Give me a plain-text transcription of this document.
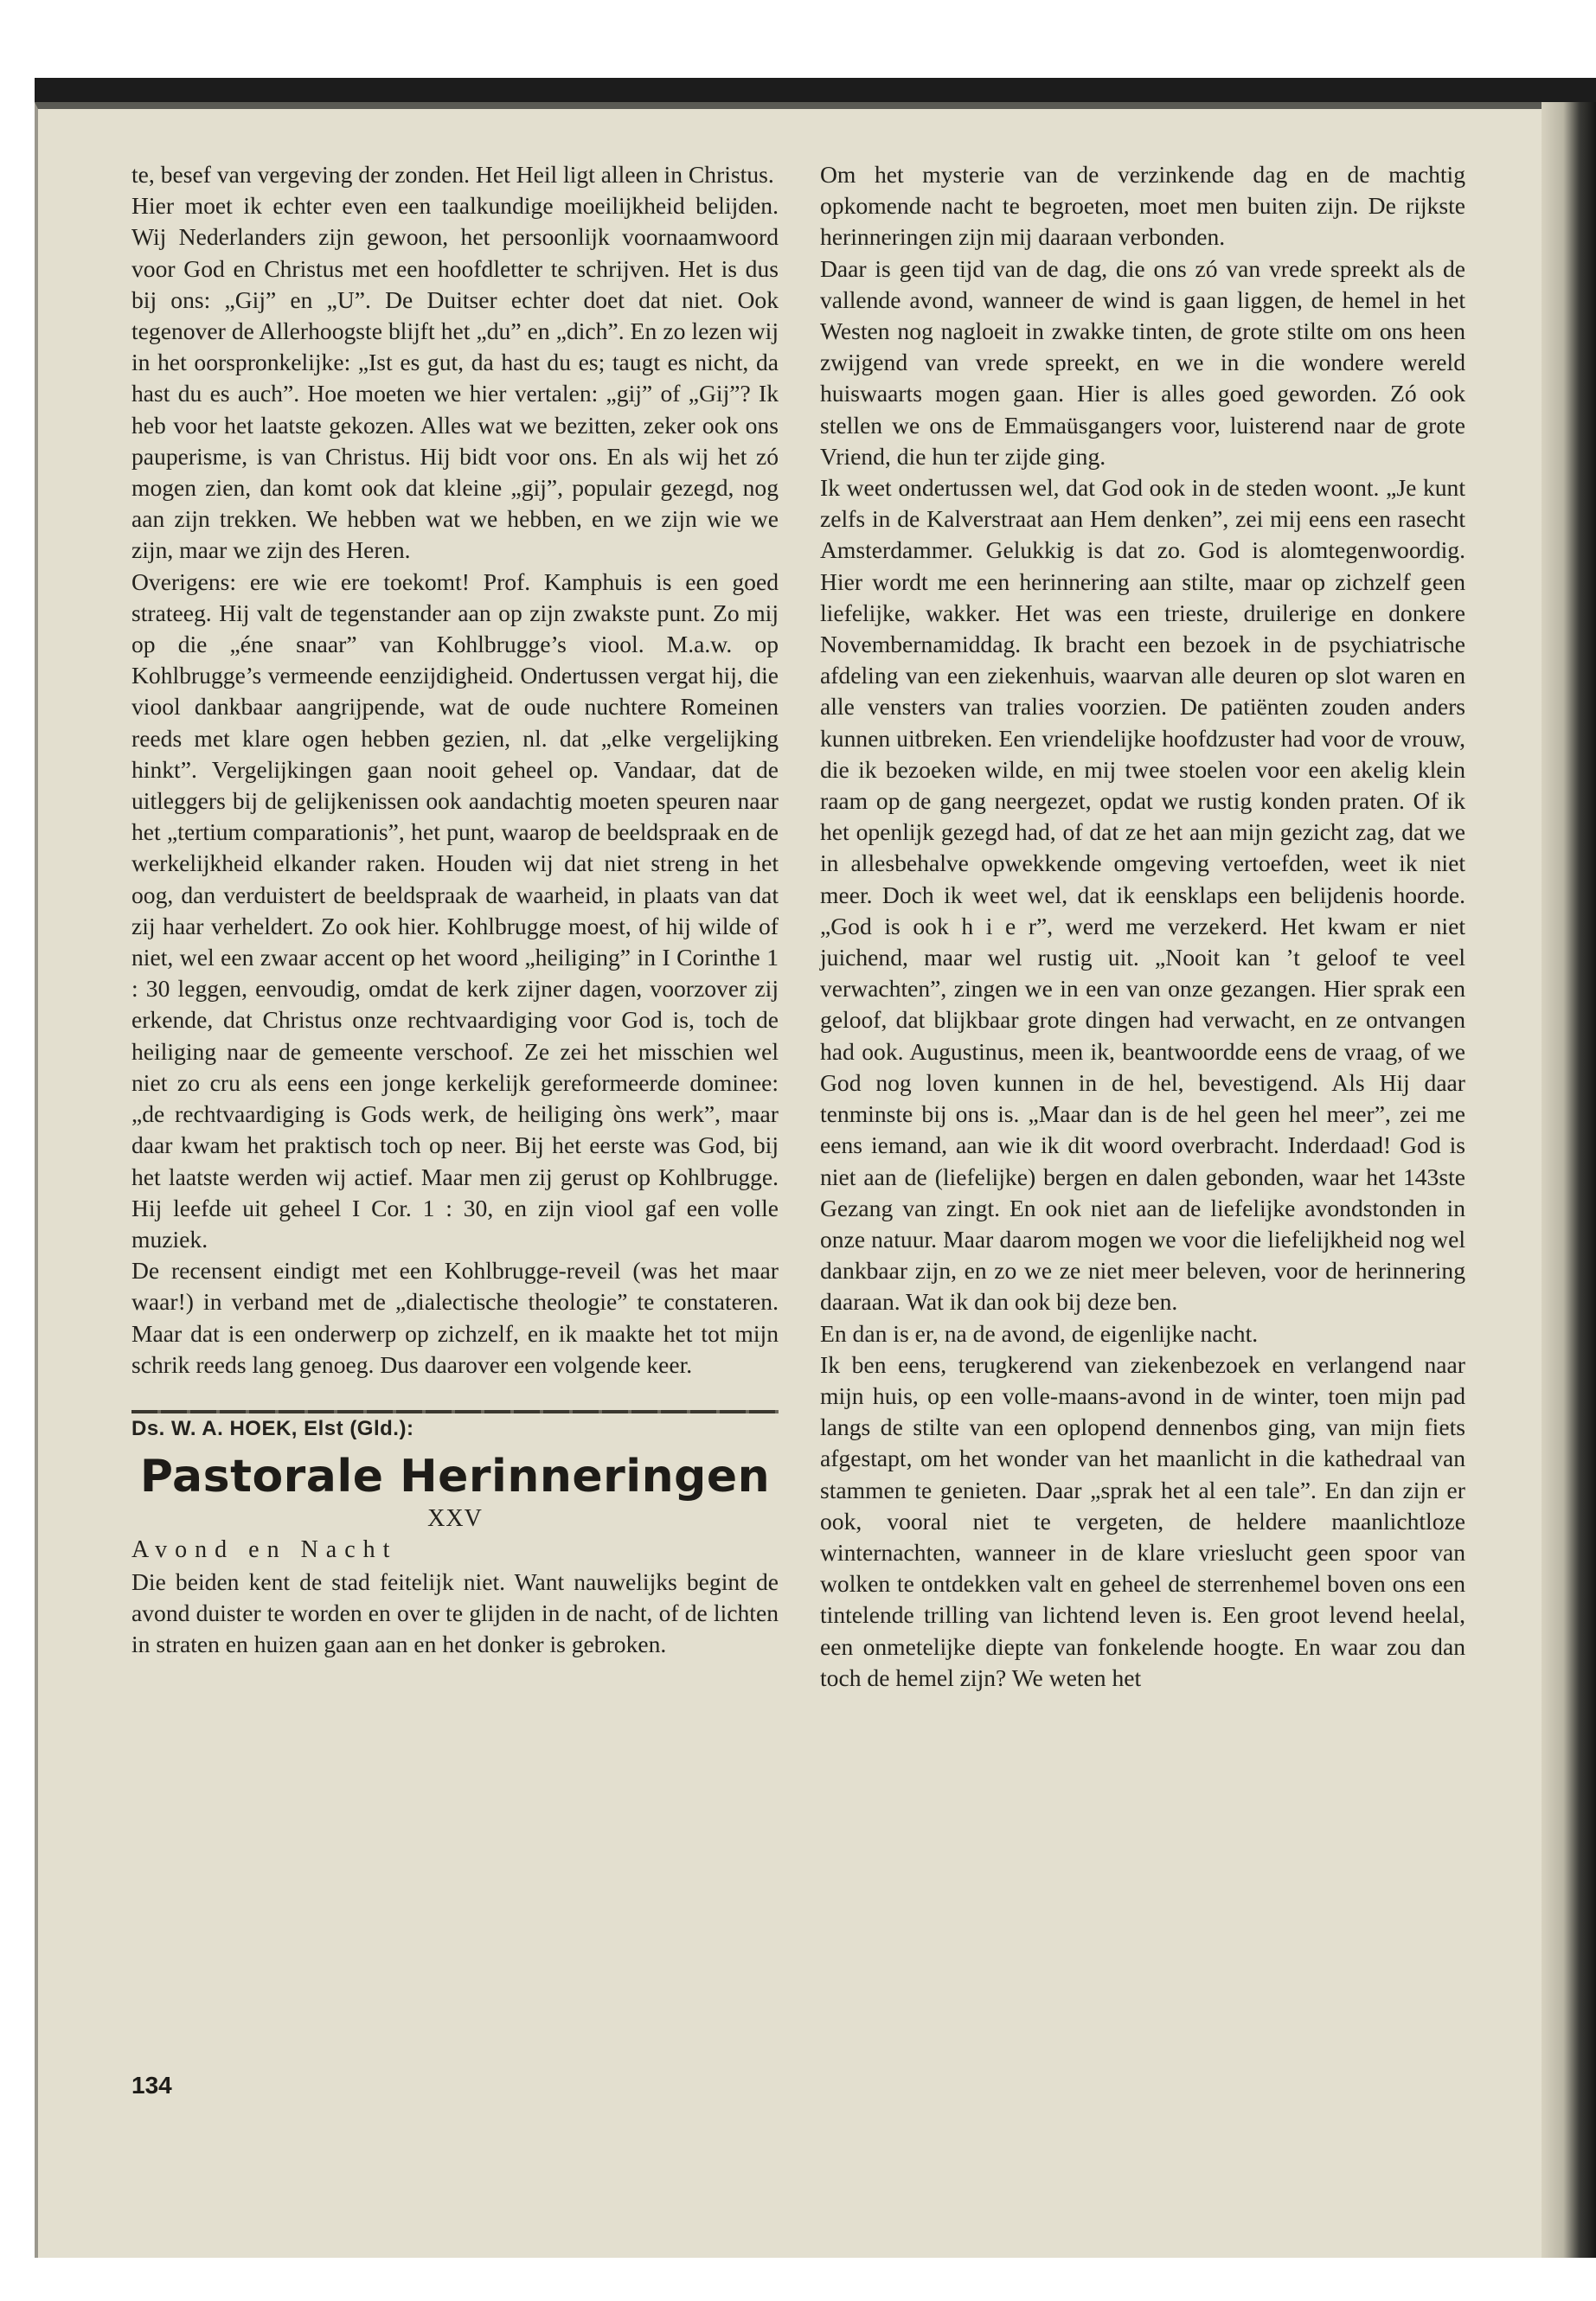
te, besef van vergeving der zonden. Het Heil ligt alleen in Christus.

Hier moet ik echter even een taalkundige moeilijkheid belijden. Wij Nederlanders zijn gewoon, het persoonlijk voornaamwoord voor God en Christus met een hoofdletter te schrijven. Het is dus bij ons: „Gij” en „U”. De Duitser echter doet dat niet. Ook tegenover de Allerhoogste blijft het „du” en „dich”. En zo lezen wij in het oorspronkelijke: „Ist es gut, da hast du es; taugt es nicht, da hast du es auch”. Hoe moeten we hier vertalen: „gij” of „Gij”? Ik heb voor het laatste gekozen. Alles wat we bezitten, zeker ook ons pauperisme, is van Christus. Hij bidt voor ons. En als wij het zó mogen zien, dan komt ook dat kleine „gij”, populair gezegd, nog aan zijn trekken. We hebben wat we hebben, en we zijn wie we zijn, maar we zijn des Heren.

Overigens: ere wie ere toekomt! Prof. Kamphuis is een goed strateeg. Hij valt de tegenstander aan op zijn zwakste punt. Zo mij op die „éne snaar” van Kohlbrugge’s viool. M.a.w. op Kohlbrugge’s vermeende eenzijdigheid. Ondertussen vergat hij, die viool dankbaar aangrijpende, wat de oude nuchtere Romeinen reeds met klare ogen hebben gezien, nl. dat „elke vergelijking hinkt”. Vergelijkingen gaan nooit geheel op. Vandaar, dat de uitleggers bij de gelijkenissen ook aandachtig moeten speuren naar het „tertium comparationis”, het punt, waarop de beeldspraak en de werkelijkheid elkander raken. Houden wij dat niet streng in het oog, dan verduistert de beeldspraak de waarheid, in plaats van dat zij haar verheldert. Zo ook hier. Kohlbrugge moest, of hij wilde of niet, wel een zwaar accent op het woord „heiliging” in I Corinthe 1 : 30 leggen, eenvoudig, omdat de kerk zijner dagen, voorzover zij erkende, dat Christus onze rechtvaardiging voor God is, toch de heiliging naar de gemeente verschoof. Ze zei het misschien wel niet zo cru als eens een jonge kerkelijk gereformeerde dominee: „de rechtvaardiging is Gods werk, de heiliging òns werk”, maar daar kwam het praktisch toch op neer. Bij het eerste was God, bij het laatste werden wij actief. Maar men zij gerust op Kohlbrugge. Hij leefde uit geheel I Cor. 1 : 30, en zijn viool gaf een volle muziek.

De recensent eindigt met een Kohlbrugge-reveil (was het maar waar!) in verband met de „dialectische theologie” te constateren. Maar dat is een onderwerp op zichzelf, en ik maakte het tot mijn schrik reeds lang genoeg. Dus daarover een volgende keer.

Ds. W. A. HOEK, Elst (Gld.):

Pastorale Herinneringen

XXV

Avond en Nacht

Die beiden kent de stad feitelijk niet. Want nauwelijks begint de avond duister te worden en over te glijden in de nacht, of de lichten in straten en huizen gaan aan en het donker is gebroken.

Om het mysterie van de verzinkende dag en de machtig opkomende nacht te begroeten, moet men buiten zijn. De rijkste herinneringen zijn mij daaraan verbonden.

Daar is geen tijd van de dag, die ons zó van vrede spreekt als de vallende avond, wanneer de wind is gaan liggen, de hemel in het Westen nog nagloeit in zwakke tinten, de grote stilte om ons heen zwijgend van vrede spreekt, en we in die wondere wereld huiswaarts mogen gaan. Hier is alles goed geworden. Zó ook stellen we ons de Emmaüsgangers voor, luisterend naar de grote Vriend, die hun ter zijde ging.

Ik weet ondertussen wel, dat God ook in de steden woont. „Je kunt zelfs in de Kalverstraat aan Hem denken”, zei mij eens een rasecht Amsterdammer. Gelukkig is dat zo. God is alomtegenwoordig. Hier wordt me een herinnering aan stilte, maar op zichzelf geen liefelijke, wakker. Het was een trieste, druilerige en donkere Novembernamiddag. Ik bracht een bezoek in de psychiatrische afdeling van een ziekenhuis, waarvan alle deuren op slot waren en alle vensters van tralies voorzien. De patiënten zouden anders kunnen uitbreken. Een vriendelijke hoofdzuster had voor de vrouw, die ik bezoeken wilde, en mij twee stoelen voor een akelig klein raam op de gang neergezet, opdat we rustig konden praten. Of ik het openlijk gezegd had, of dat ze het aan mijn gezicht zag, dat we in allesbehalve opwekkende omgeving vertoefden, weet ik niet meer. Doch ik weet wel, dat ik eensklaps een belijdenis hoorde. „God is ook h i e r”, werd me verzekerd. Het kwam er niet juichend, maar wel rustig uit. „Nooit kan ’t geloof te veel verwachten”, zingen we in een van onze gezangen. Hier sprak een geloof, dat blijkbaar grote dingen had verwacht, en ze ontvangen had ook. Augustinus, meen ik, beantwoordde eens de vraag, of we God nog loven kunnen in de hel, bevestigend. Als Hij daar tenminste bij ons is. „Maar dan is de hel geen hel meer”, zei me eens iemand, aan wie ik dit woord overbracht. Inderdaad! God is niet aan de (liefelijke) bergen en dalen gebonden, waar het 143ste Gezang van zingt. En ook niet aan de liefelijke avondstonden in onze natuur. Maar daarom mogen we voor die liefelijkheid nog wel dankbaar zijn, en zo we ze niet meer beleven, voor de herinnering daaraan. Wat ik dan ook bij deze ben.

En dan is er, na de avond, de eigenlijke nacht.

Ik ben eens, terugkerend van ziekenbezoek en verlangend naar mijn huis, op een volle-maans-avond in de winter, toen mijn pad langs de stilte van een oplopend dennenbos ging, van mijn fiets afgestapt, om het wonder van het maanlicht in die kathedraal van stammen te genieten. Daar „sprak het al een tale”. En dan zijn er ook, vooral niet te vergeten, de heldere maanlichtloze winternachten, wanneer in de klare vrieslucht geen spoor van wolken te ontdekken valt en geheel de sterrenhemel boven ons een tintelende trilling van lichtend leven is. Een groot levend heelal, een onmetelijke diepte van fonkelende hoogte. En waar zou dan toch de hemel zijn? We weten het

134
